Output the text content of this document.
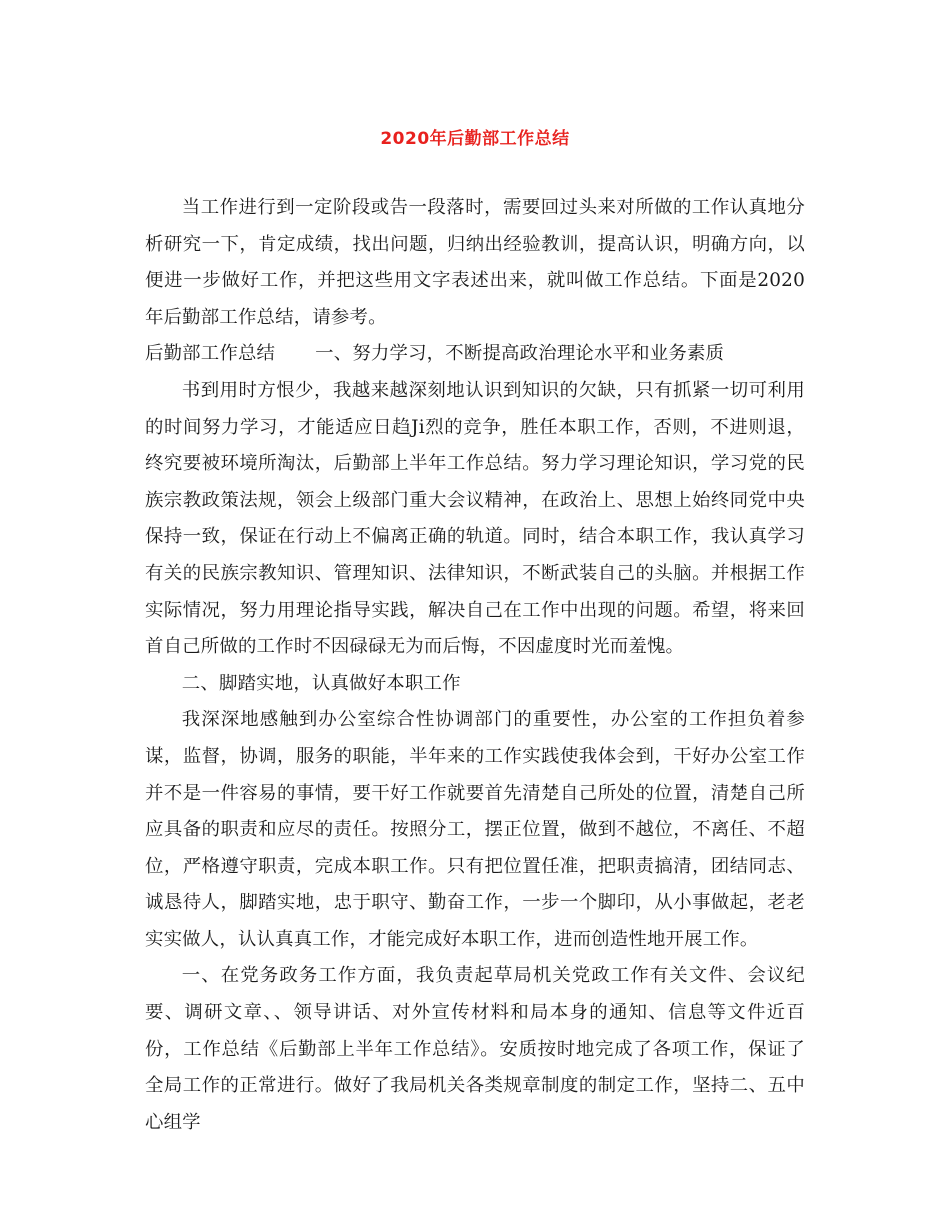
2020年后勤部工作总结

当工作进行到一定阶段或告一段落时，需要回过头来对所做的工作认真地分析研究一下，肯定成绩，找出问题，归纳出经验教训，提高认识，明确方向，以便进一步做好工作，并把这些用文字表述出来，就叫做工作总结。下面是2020年后勤部工作总结，请参考。

后勤部工作总结 一、努力学习，不断提高政治理论水平和业务素质

书到用时方恨少，我越来越深刻地认识到知识的欠缺，只有抓紧一切可利用的时间努力学习，才能适应日趋Ji烈的竞争，胜任本职工作，否则，不进则退，终究要被环境所淘汰，后勤部上半年工作总结。努力学习理论知识，学习党的民族宗教政策法规，领会上级部门重大会议精神，在政治上、思想上始终同党中央保持一致，保证在行动上不偏离正确的轨道。同时，结合本职工作，我认真学习有关的民族宗教知识、管理知识、法律知识，不断武装自己的头脑。并根据工作实际情况，努力用理论指导实践，解决自己在工作中出现的问题。希望，将来回首自己所做的工作时不因碌碌无为而后悔，不因虚度时光而羞愧。

二、脚踏实地，认真做好本职工作

我深深地感触到办公室综合性协调部门的重要性，办公室的工作担负着参谋，监督，协调，服务的职能，半年来的工作实践使我体会到，干好办公室工作并不是一件容易的事情，要干好工作就要首先清楚自己所处的位置，清楚自己所应具备的职责和应尽的责任。按照分工，摆正位置，做到不越位，不离任、不超位，严格遵守职责，完成本职工作。只有把位置任准，把职责搞清，团结同志、诚恳待人，脚踏实地，忠于职守、勤奋工作，一步一个脚印，从小事做起，老老实实做人，认认真真工作，才能完成好本职工作，进而创造性地开展工作。

一、在党务政务工作方面，我负责起草局机关党政工作有关文件、会议纪要、调研文章、、领导讲话、对外宣传材料和局本身的通知、信息等文件近百份，工作总结《后勤部上半年工作总结》。安质按时地完成了各项工作，保证了全局工作的正常进行。做好了我局机关各类规章制度的制定工作，坚持二、五中心组学
